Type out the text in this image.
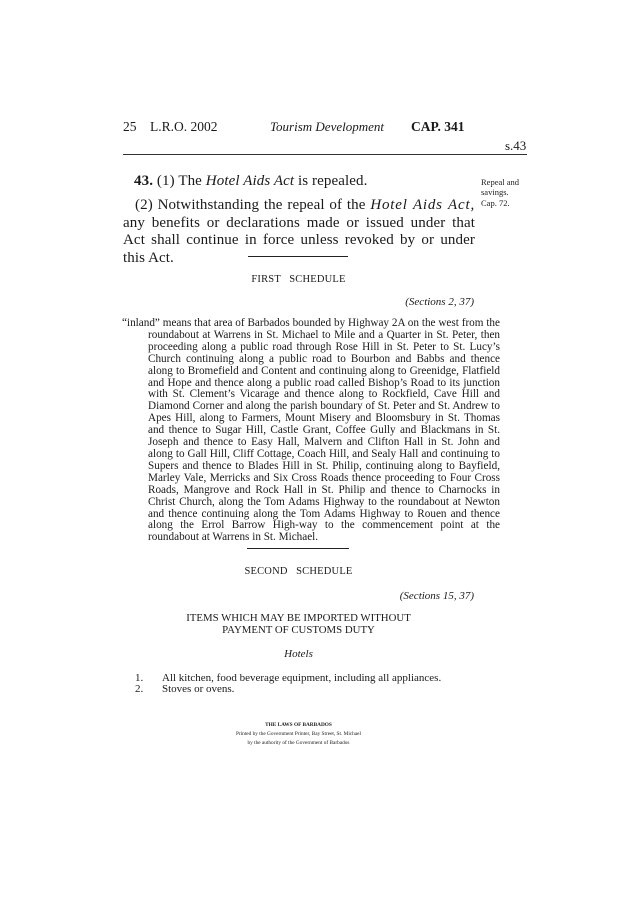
25 L.R.O. 2002	Tourism Development CAP. 341
s.43
43. (1) The Hotel Aids Act is repealed.
(2) Notwithstanding the repeal of the Hotel Aids Act, any benefits or declarations made or issued under that Act shall continue in force unless revoked by or under this Act.
Repeal and savings.
Cap. 72.
FIRST   SCHEDULE
(Sections 2, 37)
“inland” means that area of Barbados bounded by Highway 2A on the west from the roundabout at Warrens in St. Michael to Mile and a Quarter in St. Peter, then proceeding along a public road through Rose Hill in St. Peter to St. Lucy’s Church continuing along a public road to Bourbon and Babbs and thence along to Bromefield and Content and continuing along to Greenidge, Flatfield and Hope and thence along a public road called Bishop’s Road to its junction with St. Clement’s Vicarage and thence along to Rockfield, Cave Hill and Diamond Corner and along the parish boundary of St. Peter and St. Andrew to Apes Hill, along to Farmers, Mount Misery and Bloomsbury in St. Thomas and thence to Sugar Hill, Castle Grant, Coffee Gully and Blackmans in St. Joseph and thence to Easy Hall, Malvern and Clifton Hall in St. John and along to Gall Hill, Cliff Cottage, Coach Hill, and Sealy Hall and continuing to Supers and thence to Blades Hill in St. Philip, continuing along to Bayfield, Marley Vale, Merricks and Six Cross Roads thence proceeding to Four Cross Roads, Mangrove and Rock Hall in St. Philip and thence to Charnocks in Christ Church, along the Tom Adams Highway to the roundabout at Newton and thence continuing along the Tom Adams Highway to Rouen and thence along the Errol Barrow High-way to the commencement point at the roundabout at Warrens in St. Michael.
SECOND   SCHEDULE
(Sections 15, 37)
ITEMS WHICH MAY BE IMPORTED WITHOUT
PAYMENT OF CUSTOMS DUTY
Hotels
1. All kitchen, food beverage equipment, including all appliances.
2. Stoves or ovens.
THE LAWS OF BARBADOS
Printed by the Government Printer, Bay Street, St. Michael
by the authority of the Government of Barbados
